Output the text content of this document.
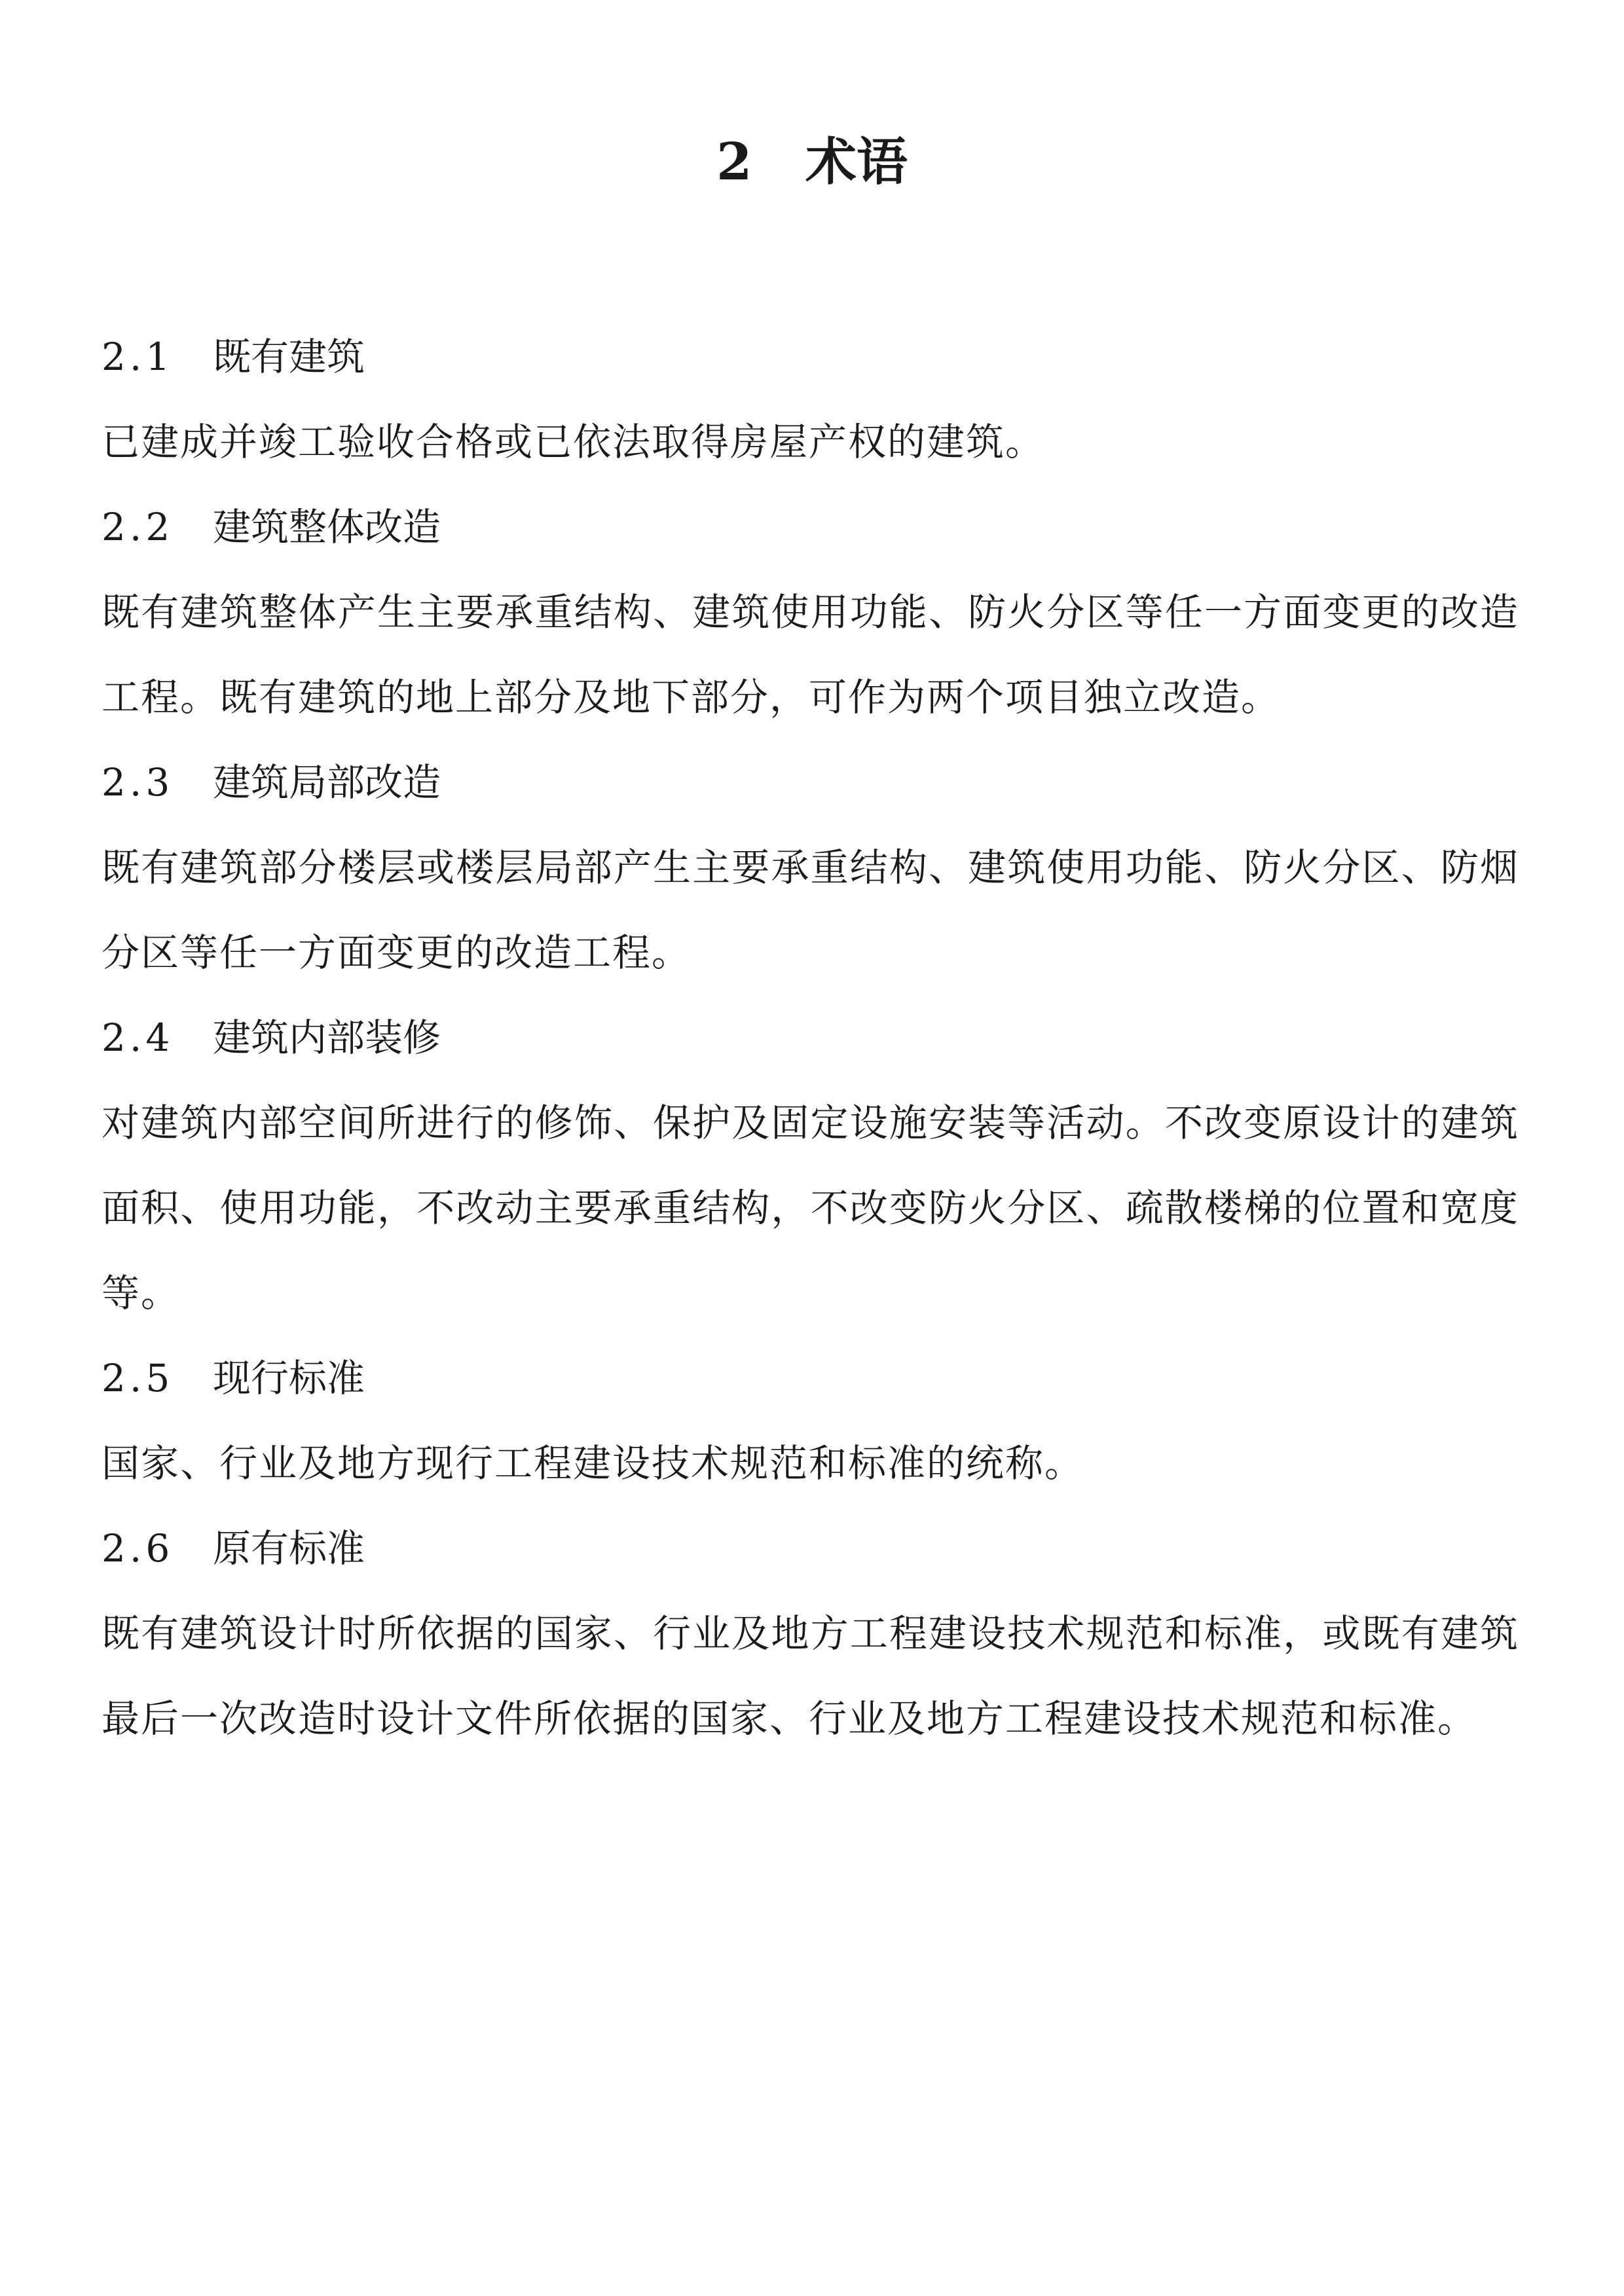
2 术语
2.1 既有建筑
已建成并竣工验收合格或已依法取得房屋产权的建筑。
2.2 建筑整体改造
既有建筑整体产生主要承重结构、建筑使用功能、防火分区等任一方面变更的改造工程。既有建筑的地上部分及地下部分，可作为两个项目独立改造。
2.3 建筑局部改造
既有建筑部分楼层或楼层局部产生主要承重结构、建筑使用功能、防火分区、防烟分区等任一方面变更的改造工程。
2.4 建筑内部装修
对建筑内部空间所进行的修饰、保护及固定设施安装等活动。不改变原设计的建筑面积、使用功能，不改动主要承重结构，不改变防火分区、疏散楼梯的位置和宽度等。
2.5 现行标准
国家、行业及地方现行工程建设技术规范和标准的统称。
2.6 原有标准
既有建筑设计时所依据的国家、行业及地方工程建设技术规范和标准，或既有建筑最后一次改造时设计文件所依据的国家、行业及地方工程建设技术规范和标准。
